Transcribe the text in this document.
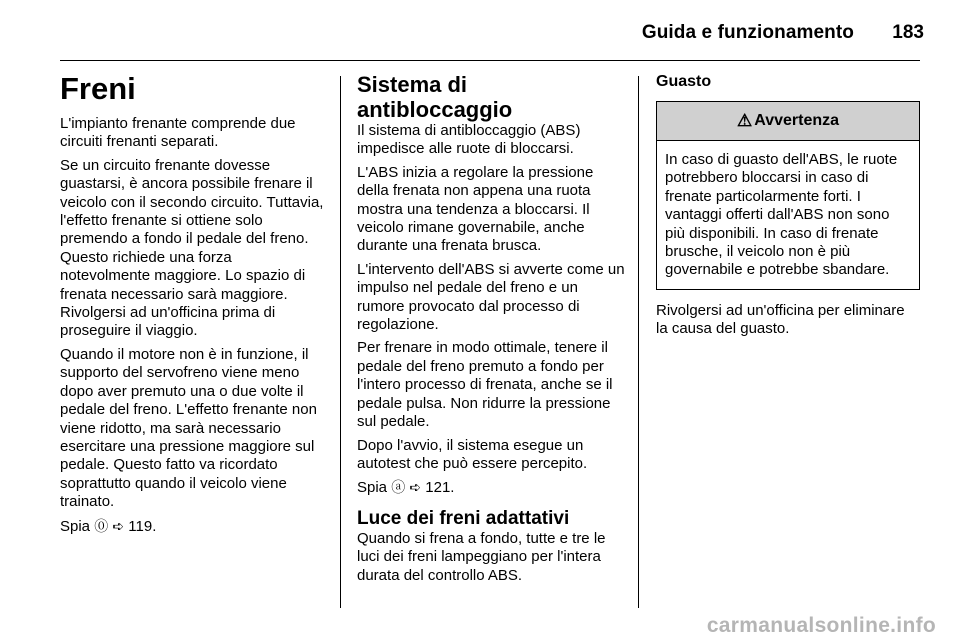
Guida e funzionamento 183
Freni

L'impianto frenante comprende due circuiti frenanti separati.

Se un circuito frenante dovesse guastarsi, è ancora possibile frenare il veicolo con il secondo circuito. Tuttavia, l'effetto frenante si ottiene solo premendo a fondo il pedale del freno. Questo richiede una forza notevolmente maggiore. Lo spazio di frenata necessario sarà maggiore. Rivolgersi ad un'officina prima di proseguire il viaggio.

Quando il motore non è in funzione, il supporto del servofreno viene meno dopo aver premuto una o due volte il pedale del freno. L'effetto frenante non viene ridotto, ma sarà necessario esercitare una pressione maggiore sul pedale. Questo fatto va ricordato soprattutto quando il veicolo viene trainato.

Spia ⓪ ➪ 119.

Sistema di antibloccaggio

Il sistema di antibloccaggio (ABS) impedisce alle ruote di bloccarsi.

L'ABS inizia a regolare la pressione della frenata non appena una ruota mostra una tendenza a bloccarsi. Il veicolo rimane governabile, anche durante una frenata brusca.

L'intervento dell'ABS si avverte come un impulso nel pedale del freno e un rumore provocato dal processo di regolazione.

Per frenare in modo ottimale, tenere il pedale del freno premuto a fondo per l'intero processo di frenata, anche se il pedale pulsa. Non ridurre la pressione sul pedale.

Dopo l'avvio, il sistema esegue un autotest che può essere percepito.

Spia ⓐ ➪ 121.

Luce dei freni adattativi

Quando si frena a fondo, tutte e tre le luci dei freni lampeggiano per l'intera durata del controllo ABS.

Guasto
⚠ Avvertenza
In caso di guasto dell'ABS, le ruote potrebbero bloccarsi in caso di frenate particolarmente forti. I vantaggi offerti dall'ABS non sono più disponibili. In caso di frenate brusche, il veicolo non è più governabile e potrebbe sbandare.

Rivolgersi ad un'officina per eliminare la causa del guasto.

carmanualsonline.info
